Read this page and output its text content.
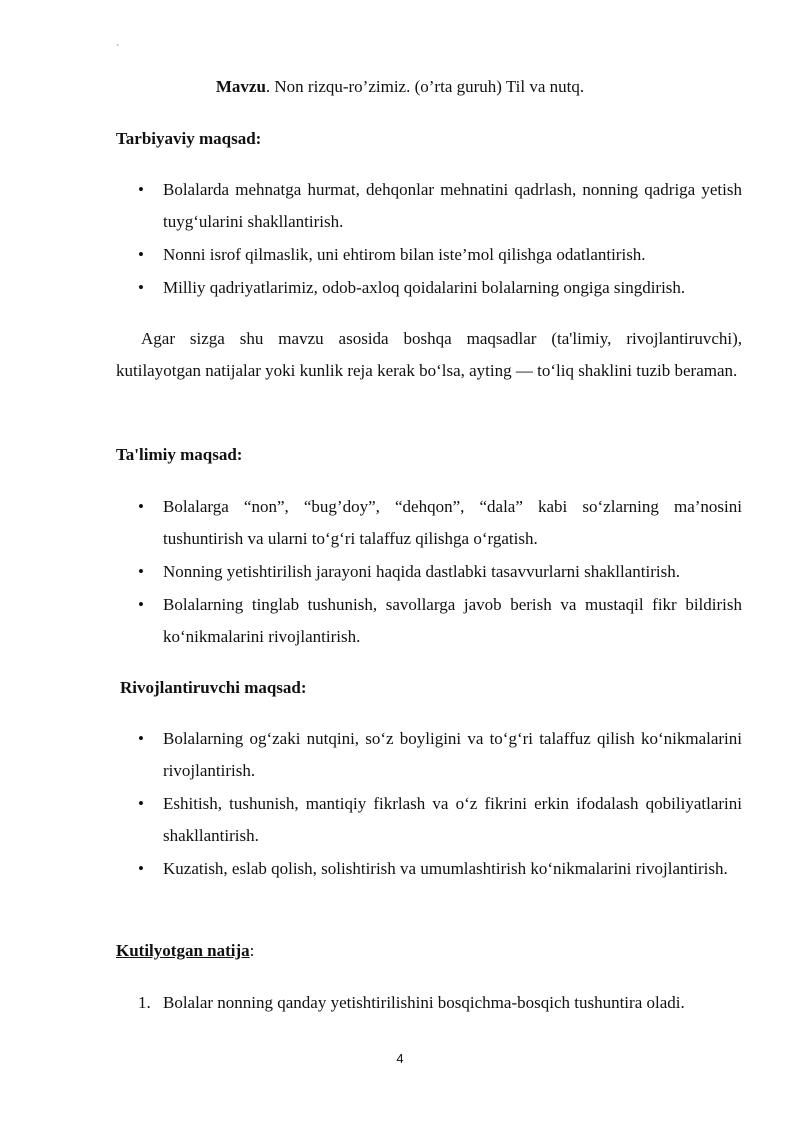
`
Mavzu. Non rizqu-ro’zimiz. (o’rta guruh) Til va nutq.
Tarbiyaviy maqsad:
• Bolalarda mehnatga hurmat, dehqonlar mehnatini qadrlash, nonning qadriga yetish tuyg‘ularini shakllantirish.
• Nonni isrof qilmaslik, uni ehtirom bilan iste’mol qilishga odatlantirish.
• Milliy qadriyatlarimiz, odob-axloq qoidalarini bolalarning ongiga singdirish.

Agar sizga shu mavzu asosida boshqa maqsadlar (ta'limiy, rivojlantiruvchi), kutilayotgan natijalar yoki kunlik reja kerak bo‘lsa, ayting — to‘liq shaklini tuzib beraman.

Ta'limiy maqsad:
• Bolalarga “non”, “bug’doy”, “dehqon”, “dala” kabi so‘zlarning ma’nosini tushuntirish va ularni to‘g‘ri talaffuz qilishga o‘rgatish.
• Nonning yetishtirilish jarayoni haqida dastlabki tasavvurlarni shakllantirish.
• Bolalarning tinglab tushunish, savollarga javob berish va mustaqil fikr bildirish ko‘nikmalarini rivojlantirish.
Rivojlantiruvchi maqsad:
• Bolalarning og‘zaki nutqini, so‘z boyligini va to‘g‘ri talaffuz qilish ko‘nikmalarini rivojlantirish.
• Eshitish, tushunish, mantiqiy fikrlash va o‘z fikrini erkin ifodalash qobiliyatlarini shakllantirish.
• Kuzatish, eslab qolish, solishtirish va umumlashtirish ko‘nikmalarini rivojlantirish.
Kutilyotgan natija:
1. Bolalar nonning qanday yetishtirilishini bosqichma-bosqich tushuntira oladi.
4
